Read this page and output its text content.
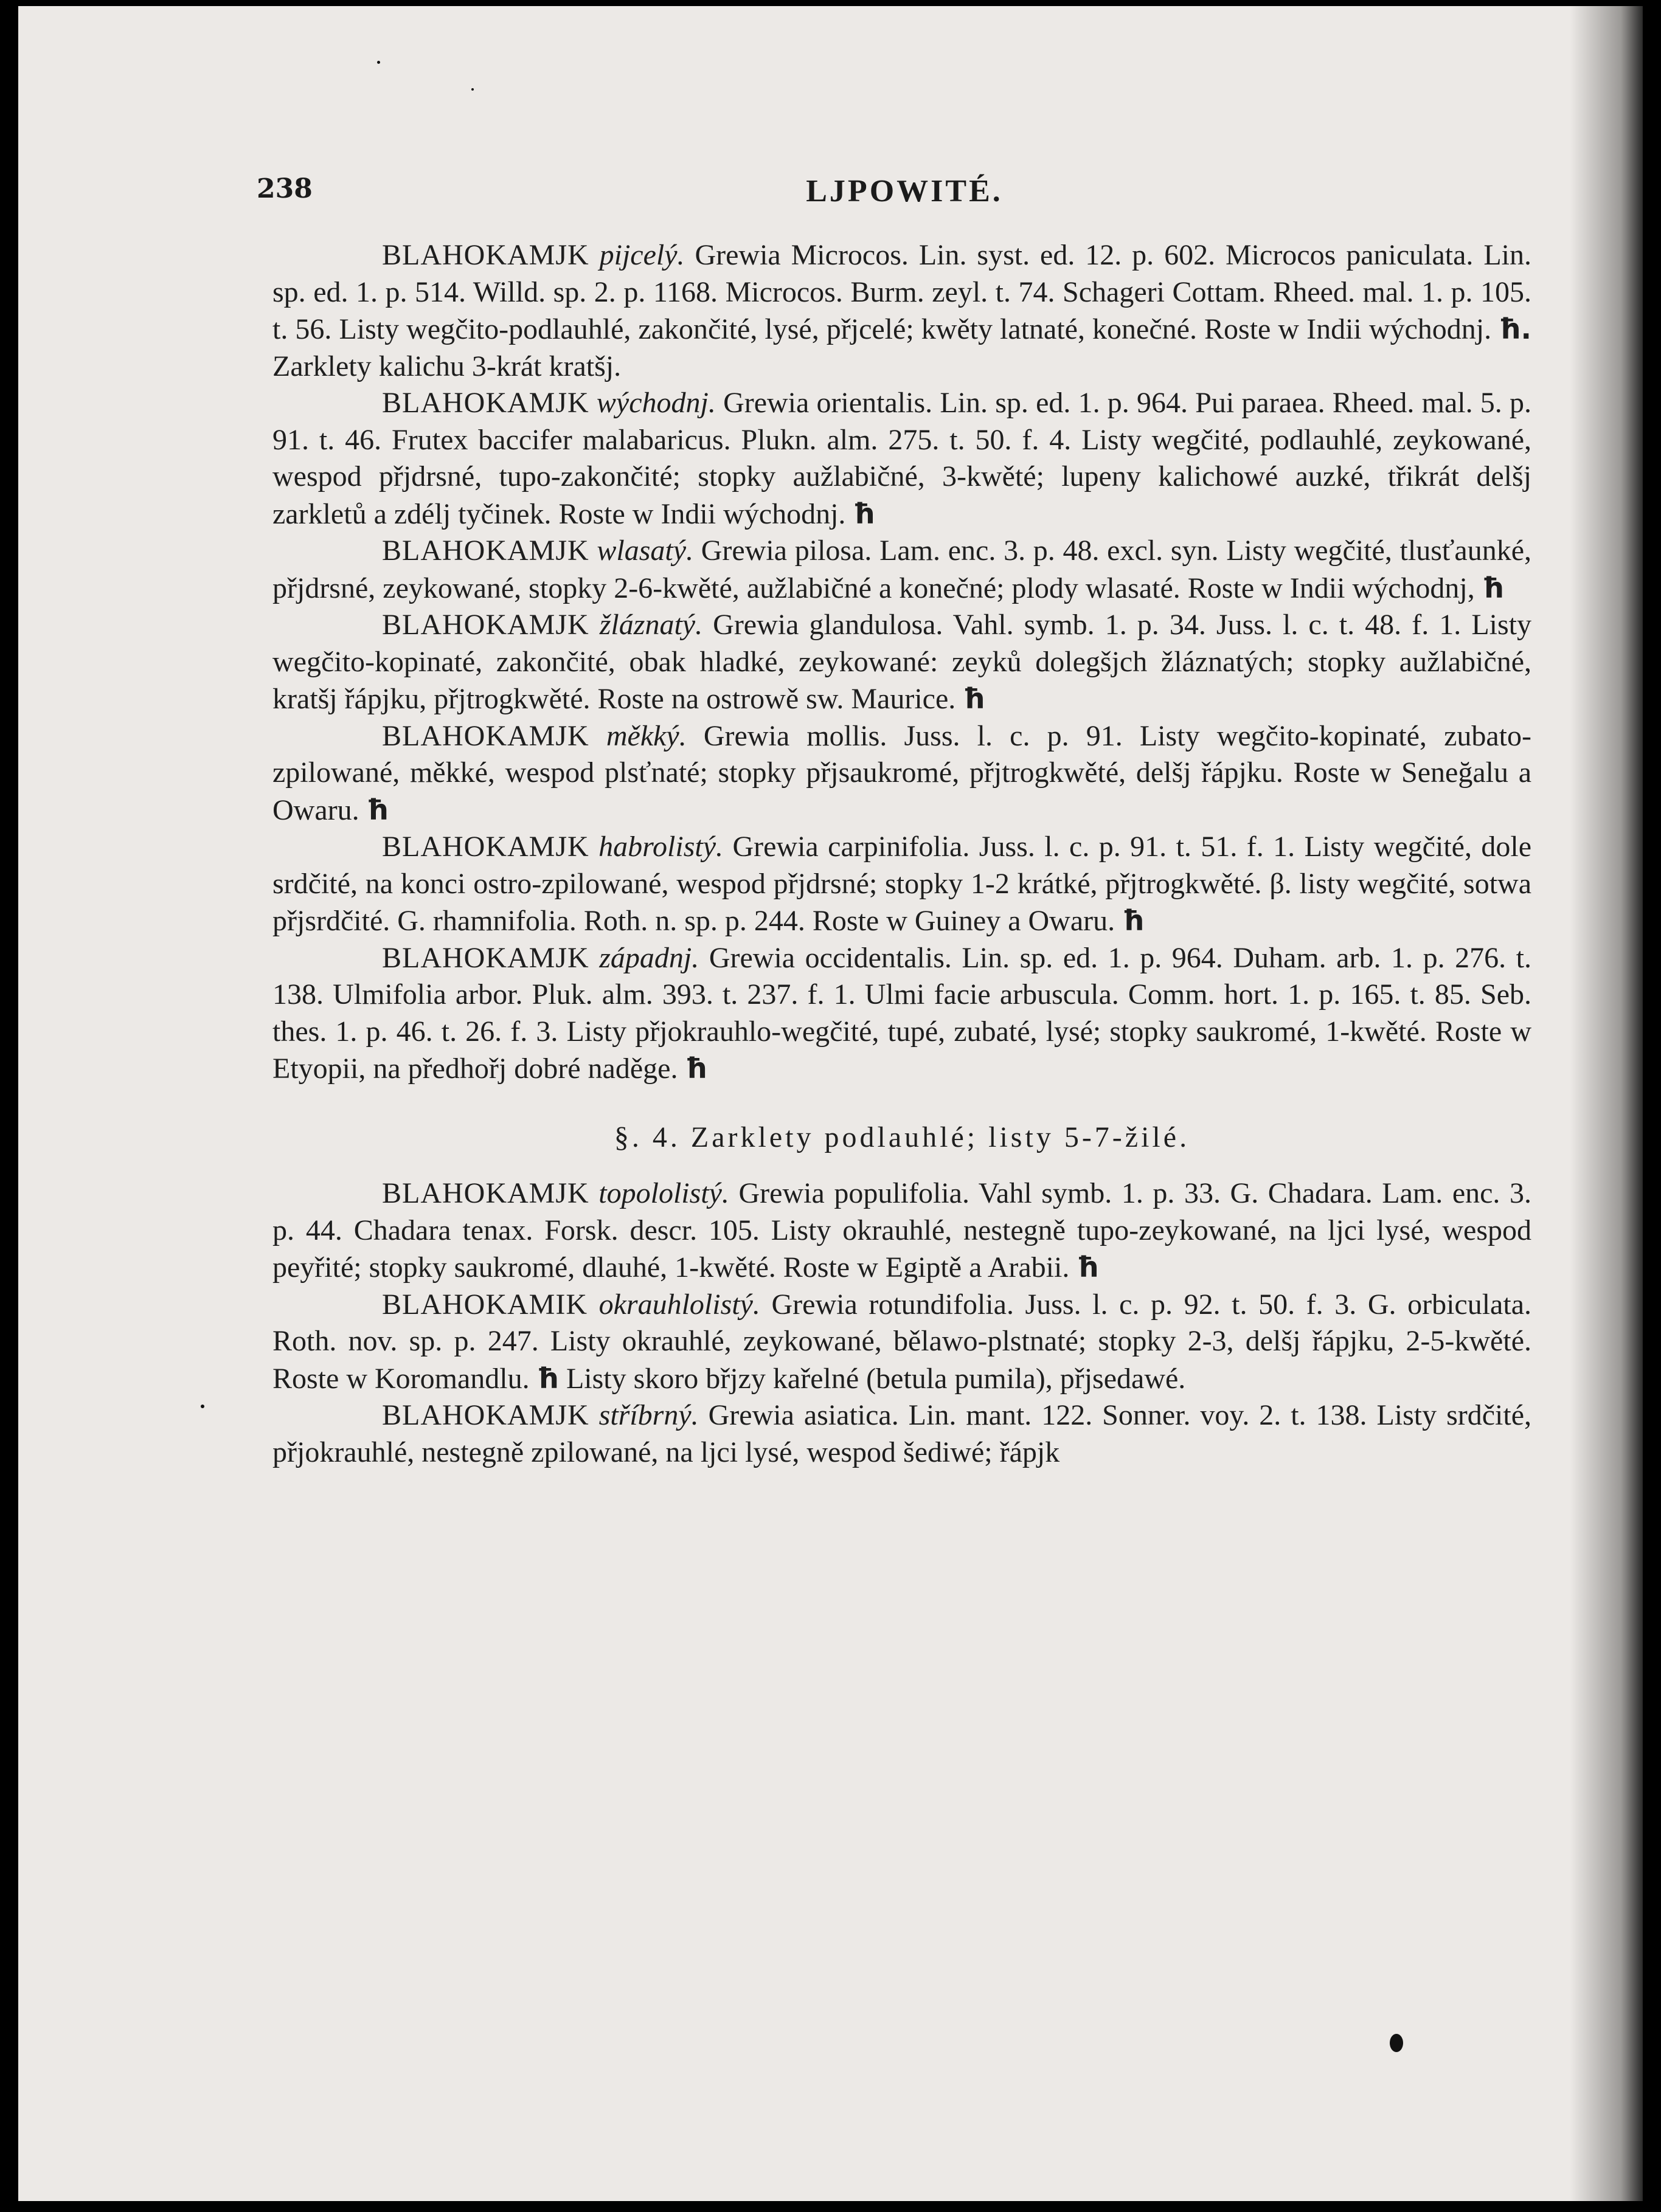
238	LJPOWITÉ.

BLAHOKAMJK pijcelý. Grewia Microcos. Lin. syst. ed. 12. p. 602. Microcos paniculata. Lin. sp. ed. 1. p. 514. Willd. sp. 2. p. 1168. Microcos. Burm. zeyl. t. 74. Schageri Cottam. Rheed. mal. 1. p. 105. t. 56. Listy wegčito-podlauhlé, zakončité, lysé, přjcelé; kwěty latnaté, konečné. Roste w Indii wýchodnj. ħ. Zarklety kalichu 3-krát kratšj.

BLAHOKAMJK wýchodnj. Grewia orientalis. Lin. sp. ed. 1. p. 964. Pui paraea. Rheed. mal. 5. p. 91. t. 46. Frutex baccifer malabaricus. Plukn. alm. 275. t. 50. f. 4. Listy wegčité, podlauhlé, zeykowané, wespod přjdrsné, tupo-zakončité; stopky aužlabičné, 3-kwěté; lupeny kalichowé auzké, třikrát delšj zarkletů a zdélj tyčinek. Roste w Indii wýchodnj. ħ

BLAHOKAMJK wlasatý. Grewia pilosa. Lam. enc. 3. p. 48. excl. syn. Listy wegčité, tlusťaunké, přjdrsné, zeykowané, stopky 2-6-kwěté, aužlabičné a konečné; plody wlasaté. Roste w Indii wýchodnj, ħ

BLAHOKAMJK žláznatý. Grewia glandulosa. Vahl. symb. 1. p. 34. Juss. l. c. t. 48. f. 1. Listy wegčito-kopinaté, zakončité, obak hladké, zeykowané: zeyků dolegšjch žláznatých; stopky aužlabičné, kratšj řápjku, přjtrogkwěté. Roste na ostrowě sw. Maurice. ħ

BLAHOKAMJK měkký. Grewia mollis. Juss. l. c. p. 91. Listy wegčito-kopinaté, zubato-zpilowané, měkké, wespod plsťnaté; stopky přjsaukromé, přjtrogkwěté, delšj řápjku. Roste w Seneğalu a Owaru. ħ

BLAHOKAMJK habrolistý. Grewia carpinifolia. Juss. l. c. p. 91. t. 51. f. 1. Listy wegčité, dole srdčité, na konci ostro-zpilowané, wespod přjdrsné; stopky 1-2 krátké, přjtrogkwěté. β. listy wegčité, sotwa přjsrdčité. G. rhamnifolia. Roth. n. sp. p. 244. Roste w Guiney a Owaru. ħ

BLAHOKAMJK západnj. Grewia occidentalis. Lin. sp. ed. 1. p. 964. Duham. arb. 1. p. 276. t. 138. Ulmifolia arbor. Pluk. alm. 393. t. 237. f. 1. Ulmi facie arbuscula. Comm. hort. 1. p. 165. t. 85. Seb. thes. 1. p. 46. t. 26. f. 3. Listy přjokrauhlo-wegčité, tupé, zubaté, lysé; stopky saukromé, 1-kwěté. Roste w Etyopii, na předhořj dobré naděge. ħ

§. 4. Zarklety podlauhlé; listy 5-7-žilé.

BLAHOKAMJK topololistý. Grewia populifolia. Vahl symb. 1. p. 33. G. Chadara. Lam. enc. 3. p. 44. Chadara tenax. Forsk. descr. 105. Listy okrauhlé, nestegně tupo-zeykowané, na ljci lysé, wespod peyřité; stopky saukromé, dlauhé, 1-kwěté. Roste w Egiptě a Arabii. ħ

BLAHOKAMIK okrauhlolistý. Grewia rotundifolia. Juss. l. c. p. 92. t. 50. f. 3. G. orbiculata. Roth. nov. sp. p. 247. Listy okrauhlé, zeykowané, bělawo-plstnaté; stopky 2-3, delšj řápjku, 2-5-kwěté. Roste w Koromandlu. ħ Listy skoro břjzy kařelné (betula pumila), přjsedawé.

BLAHOKAMJK stříbrný. Grewia asiatica. Lin. mant. 122. Sonner. voy. 2. t. 138. Listy srdčité, přjokrauhlé, nestegně zpilowané, na ljci lysé, wespod šediwé; řápjk
